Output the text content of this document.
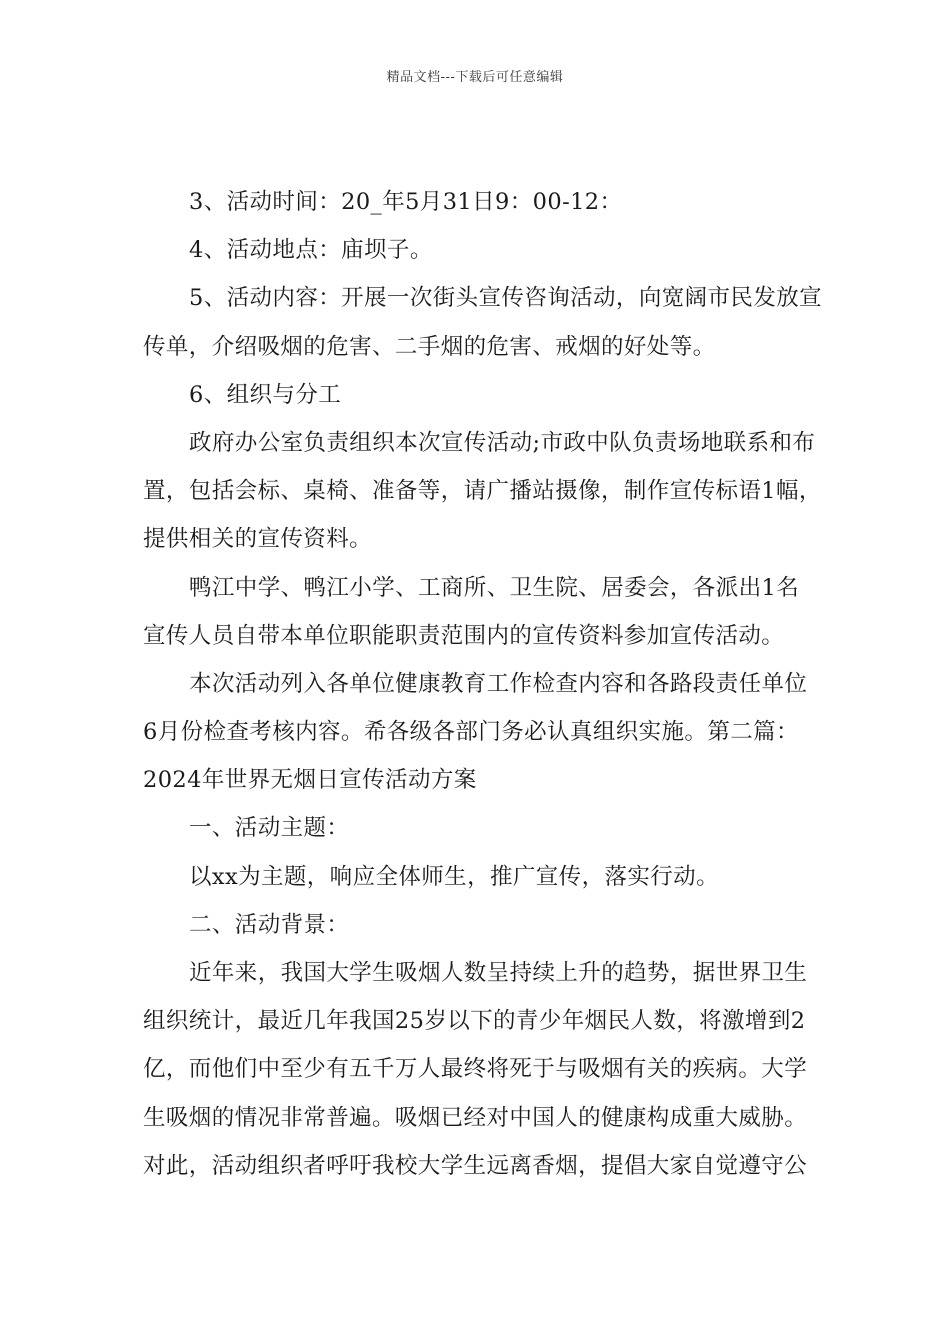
精品文档---下载后可任意编辑

3、活动时间：20_年5月31日9：00-12：

4、活动地点：庙坝子。

5、活动内容：开展一次街头宣传咨询活动，向宽阔市民发放宣
传单，介绍吸烟的危害、二手烟的危害、戒烟的好处等。

6、组织与分工

政府办公室负责组织本次宣传活动;市政中队负责场地联系和布
置，包括会标、桌椅、准备等，请广播站摄像，制作宣传标语1幅，
提供相关的宣传资料。

鸭江中学、鸭江小学、工商所、卫生院、居委会，各派出1名
宣传人员自带本单位职能职责范围内的宣传资料参加宣传活动。

本次活动列入各单位健康教育工作检查内容和各路段责任单位
6月份检查考核内容。希各级各部门务必认真组织实施。第二篇：
2024年世界无烟日宣传活动方案

一、活动主题：

以xx为主题，响应全体师生，推广宣传，落实行动。

二、活动背景：

近年来，我国大学生吸烟人数呈持续上升的趋势，据世界卫生
组织统计，最近几年我国25岁以下的青少年烟民人数，将激增到2
亿，而他们中至少有五千万人最终将死于与吸烟有关的疾病。大学
生吸烟的情况非常普遍。吸烟已经对中国人的健康构成重大威胁。
对此，活动组织者呼吁我校大学生远离香烟，提倡大家自觉遵守公
